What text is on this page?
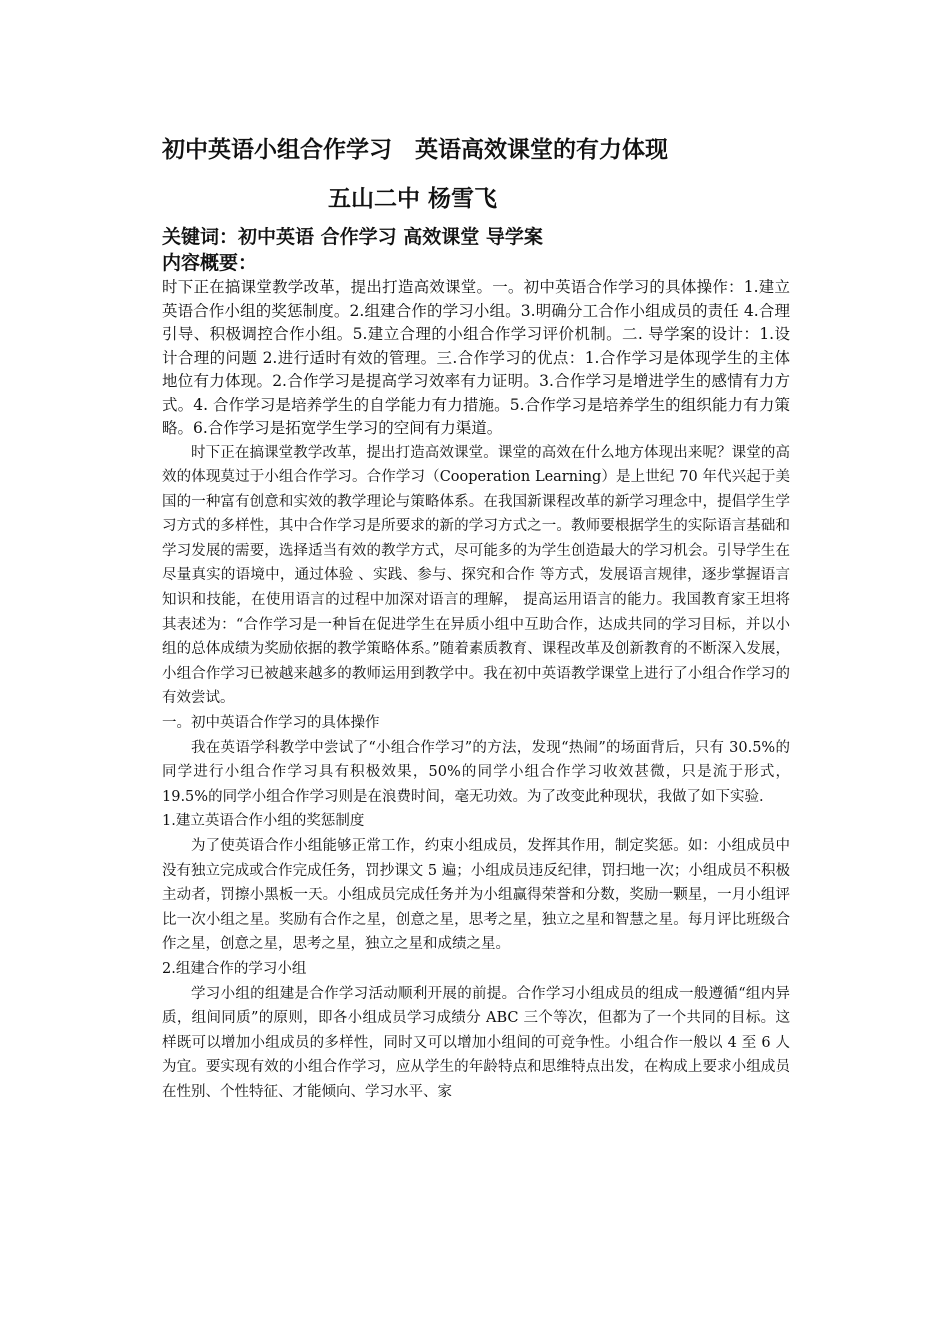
初中英语小组合作学习　英语高效课堂的有力体现
五山二中 杨雪飞

关键词：初中英语 合作学习 高效课堂 导学案

内容概要：

时下正在搞课堂教学改革，提出打造高效课堂。一。初中英语合作学习的具体操作：1.建立英语合作小组的奖惩制度。2.组建合作的学习小组。3.明确分工合作小组成员的责任 4.合理引导、积极调控合作小组。5.建立合理的小组合作学习评价机制。二. 导学案的设计：1.设计合理的问题 2.进行适时有效的管理。三.合作学习的优点：1.合作学习是体现学生的主体地位有力体现。2.合作学习是提高学习效率有力证明。3.合作学习是增进学生的感情有力方式。4. 合作学习是培养学生的自学能力有力措施。5.合作学习是培养学生的组织能力有力策略。6.合作学习是拓宽学生学习的空间有力渠道。

时下正在搞课堂教学改革，提出打造高效课堂。课堂的高效在什么地方体现出来呢？课堂的高效的体现莫过于小组合作学习。合作学习（Cooperation Learning）是上世纪 70 年代兴起于美国的一种富有创意和实效的教学理论与策略体系。在我国新课程改革的新学习理念中，提倡学生学习方式的多样性，其中合作学习是所要求的新的学习方式之一。教师要根据学生的实际语言基础和学习发展的需要，选择适当有效的教学方式，尽可能多的为学生创造最大的学习机会。引导学生在尽量真实的语境中，通过体验 、实践、参与、探究和合作 等方式，发展语言规律，逐步掌握语言知识和技能，在使用语言的过程中加深对语言的理解， 提高运用语言的能力。我国教育家王坦将其表述为：“合作学习是一种旨在促进学生在异质小组中互助合作，达成共同的学习目标，并以小组的总体成绩为奖励依据的教学策略体系。”随着素质教育、课程改革及创新教育的不断深入发展，小组合作学习已被越来越多的教师运用到教学中。我在初中英语教学课堂上进行了小组合作学习的有效尝试。

一。初中英语合作学习的具体操作

我在英语学科教学中尝试了“小组合作学习”的方法，发现“热闹”的场面背后，只有 30.5%的同学进行小组合作学习具有积极效果，50%的同学小组合作学习收效甚微，只是流于形式，19.5%的同学小组合作学习则是在浪费时间，毫无功效。为了改变此种现状，我做了如下实验.

1.建立英语合作小组的奖惩制度

为了使英语合作小组能够正常工作，约束小组成员，发挥其作用，制定奖惩。如：小组成员中没有独立完成或合作完成任务，罚抄课文 5 遍；小组成员违反纪律，罚扫地一次；小组成员不积极主动者，罚擦小黑板一天。小组成员完成任务并为小组赢得荣誉和分数，奖励一颗星，一月小组评比一次小组之星。奖励有合作之星，创意之星，思考之星，独立之星和智慧之星。每月评比班级合作之星，创意之星，思考之星，独立之星和成绩之星。

2.组建合作的学习小组

学习小组的组建是合作学习活动顺利开展的前提。合作学习小组成员的组成一般遵循“组内异质，组间同质”的原则，即各小组成员学习成绩分 ABC 三个等次，但都为了一个共同的目标。这样既可以增加小组成员的多样性，同时又可以增加小组间的可竞争性。小组合作一般以 4 至 6 人为宜。要实现有效的小组合作学习，应从学生的年龄特点和思维特点出发，在构成上要求小组成员在性别、个性特征、才能倾向、学习水平、家
